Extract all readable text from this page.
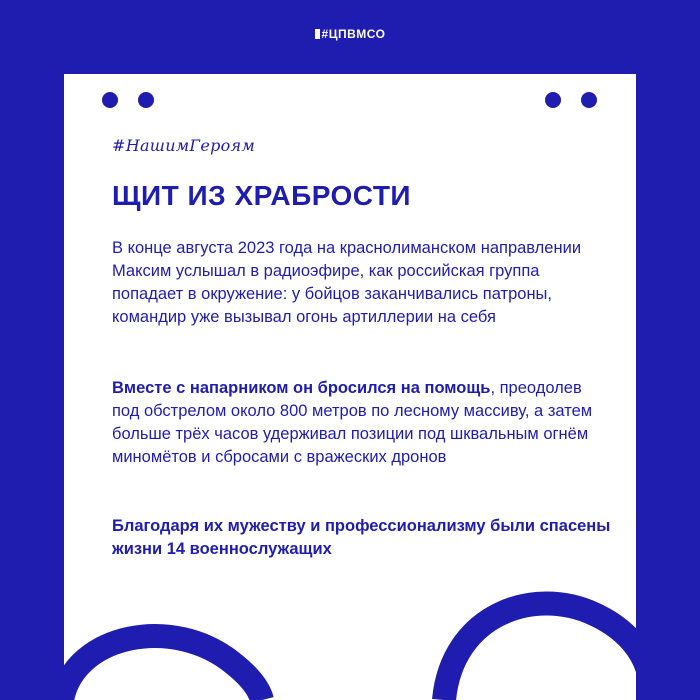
#ЦПВМСО
#НашимГероям
ЩИТ ИЗ ХРАБРОСТИ
В конце августа 2023 года на краснолиманском направлении Максим услышал в радиоэфире, как российская группа попадает в окружение: у бойцов заканчивались патроны, командир уже вызывал огонь артиллерии на себя
Вместе с напарником он бросился на помощь, преодолев под обстрелом около 800 метров по лесному массиву, а затем больше трёх часов удерживал позиции под шквальным огнём миномётов и сбросами с вражеских дронов
Благодаря их мужеству и профессионализму были спасены жизни 14 военнослужащих
